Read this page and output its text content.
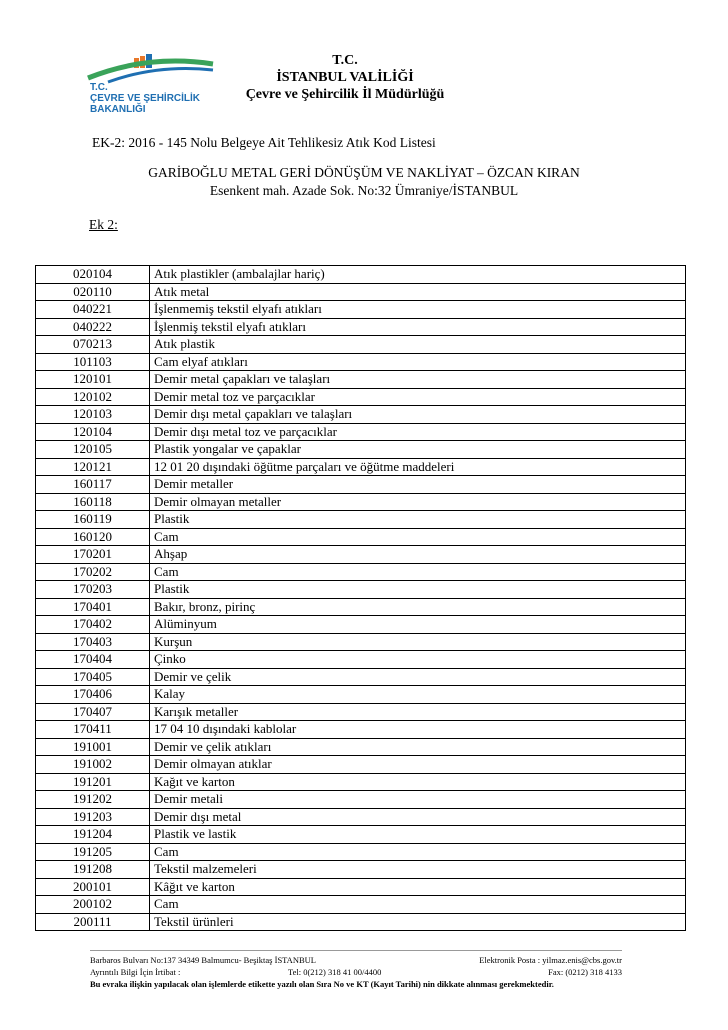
T.C.
ÇEVRE VE ŞEHİRCİLİK
BAKANLIĞI
T.C.
İSTANBUL VALİLİĞİ
Çevre ve Şehircilik İl Müdürlüğü
EK-2: 2016 - 145 Nolu Belgeye Ait Tehlikesiz Atık Kod Listesi
GARİBOĞLU METAL GERİ DÖNÜŞÜM VE NAKLİYAT – ÖZCAN KIRAN
Esenkent mah. Azade Sok. No:32 Ümraniye/İSTANBUL
Ek 2:
020104	Atık plastikler (ambalajlar hariç)
020110	Atık metal
040221	İşlenmemiş tekstil elyafı atıkları
040222	İşlenmiş tekstil elyafı atıkları
070213	Atık plastik
101103	Cam elyaf atıkları
120101	Demir metal çapakları ve talaşları
120102	Demir metal toz ve parçacıklar
120103	Demir dışı metal çapakları ve talaşları
120104	Demir dışı metal toz ve parçacıklar
120105	Plastik yongalar ve çapaklar
120121	12 01 20 dışındaki öğütme parçaları ve öğütme maddeleri
160117	Demir metaller
160118	Demir olmayan metaller
160119	Plastik
160120	Cam
170201	Ahşap
170202	Cam
170203	Plastik
170401	Bakır, bronz, pirinç
170402	Alüminyum
170403	Kurşun
170404	Çinko
170405	Demir ve çelik
170406	Kalay
170407	Karışık metaller
170411	17 04 10 dışındaki kablolar
191001	Demir ve çelik atıkları
191002	Demir olmayan atıklar
191201	Kağıt ve karton
191202	Demir metali
191203	Demir dışı metal
191204	Plastik ve lastik
191205	Cam
191208	Tekstil malzemeleri
200101	Kâğıt ve karton
200102	Cam
200111	Tekstil ürünleri
Barbaros Bulvarı No:137 34349 Balmumcu- Beşiktaş İSTANBUL	Elektronik Posta : yilmaz.enis@cbs.gov.tr
Ayrıntılı Bilgi İçin İrtibat :	Tel: 0(212) 318 41 00/4400	Fax: (0212) 318 4133
Bu evraka ilişkin yapılacak olan işlemlerde etikette yazılı olan Sıra No ve KT (Kayıt Tarihi) nin dikkate alınması gerekmektedir.
